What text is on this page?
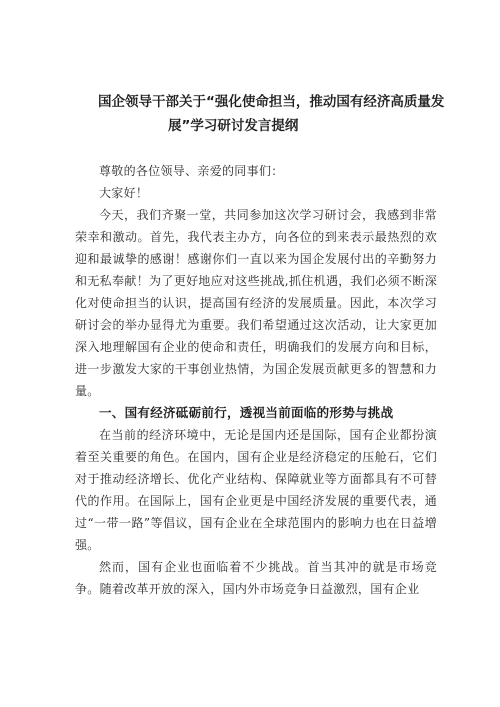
国企领导干部关于“强化使命担当，推动国有经济高质量发
展”学习研讨发言提纲

尊敬的各位领导、亲爱的同事们：

大家好！

今天，我们齐聚一堂，共同参加这次学习研讨会，我感到非常荣幸和激动。首先，我代表主办方，向各位的到来表示最热烈的欢迎和最诚挚的感谢！感谢你们一直以来为国企发展付出的辛勤努力和无私奉献！为了更好地应对这些挑战,抓住机遇，我们必须不断深化对使命担当的认识，提高国有经济的发展质量。因此，本次学习研讨会的举办显得尤为重要。我们希望通过这次活动，让大家更加深入地理解国有企业的使命和责任，明确我们的发展方向和目标，进一步激发大家的干事创业热情，为国企发展贡献更多的智慧和力量。

一、国有经济砥砺前行，透视当前面临的形势与挑战

在当前的经济环境中，无论是国内还是国际，国有企业都扮演着至关重要的角色。在国内，国有企业是经济稳定的压舱石，它们对于推动经济增长、优化产业结构、保障就业等方面都具有不可替代的作用。在国际上，国有企业更是中国经济发展的重要代表，通过“一带一路”等倡议，国有企业在全球范围内的影响力也在日益增强。

然而，国有企业也面临着不少挑战。首当其冲的就是市场竞争。随着改革开放的深入，国内外市场竞争日益激烈，国有企业
